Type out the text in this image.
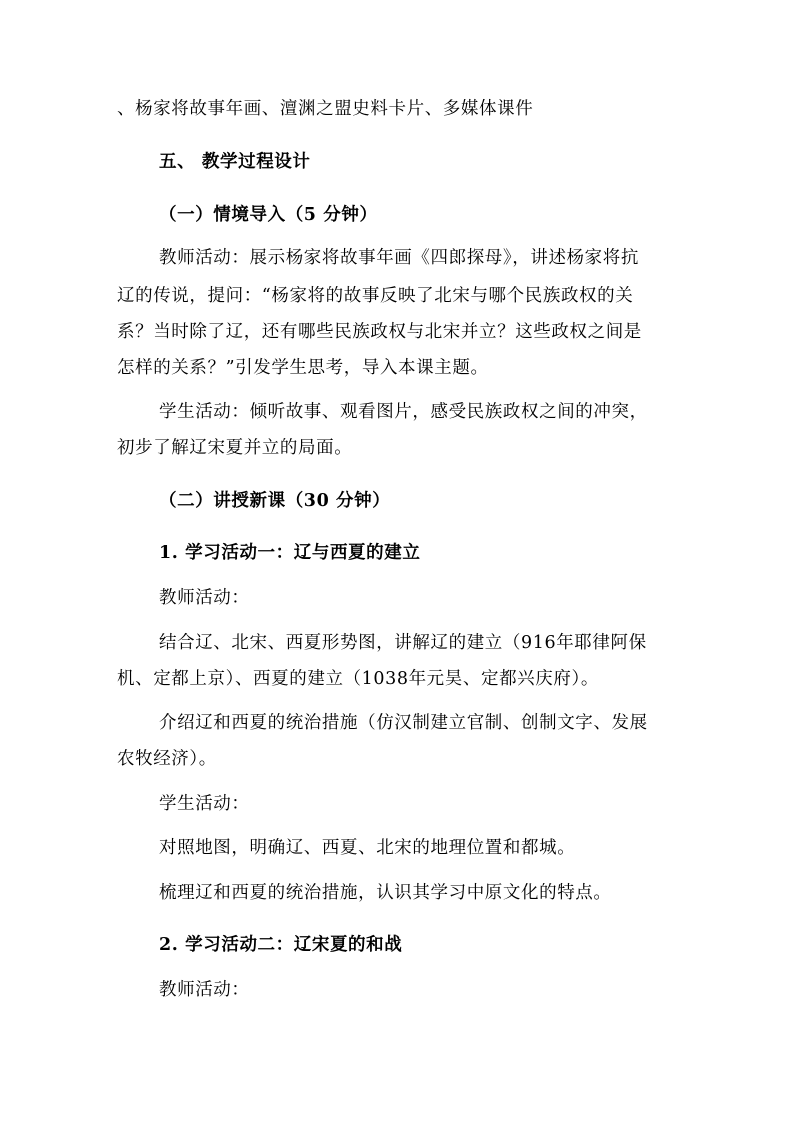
、杨家将故事年画、澶渊之盟史料卡片、多媒体课件
五、 教学过程设计
（一）情境导入（5 分钟）
教师活动：展示杨家将故事年画《四郎探母》，讲述杨家将抗
辽的传说，提问：“杨家将的故事反映了北宋与哪个民族政权的关
系？当时除了辽，还有哪些民族政权与北宋并立？这些政权之间是
怎样的关系？”引发学生思考，导入本课主题。
学生活动：倾听故事、观看图片，感受民族政权之间的冲突，
初步了解辽宋夏并立的局面。
（二）讲授新课（30 分钟）
1. 学习活动一：辽与西夏的建立
教师活动：
结合辽、北宋、西夏形势图，讲解辽的建立（916年耶律阿保
机、定都上京）、西夏的建立（1038年元昊、定都兴庆府）。
介绍辽和西夏的统治措施（仿汉制建立官制、创制文字、发展
农牧经济）。
学生活动：
对照地图，明确辽、西夏、北宋的地理位置和都城。
梳理辽和西夏的统治措施，认识其学习中原文化的特点。
2. 学习活动二：辽宋夏的和战
教师活动：
